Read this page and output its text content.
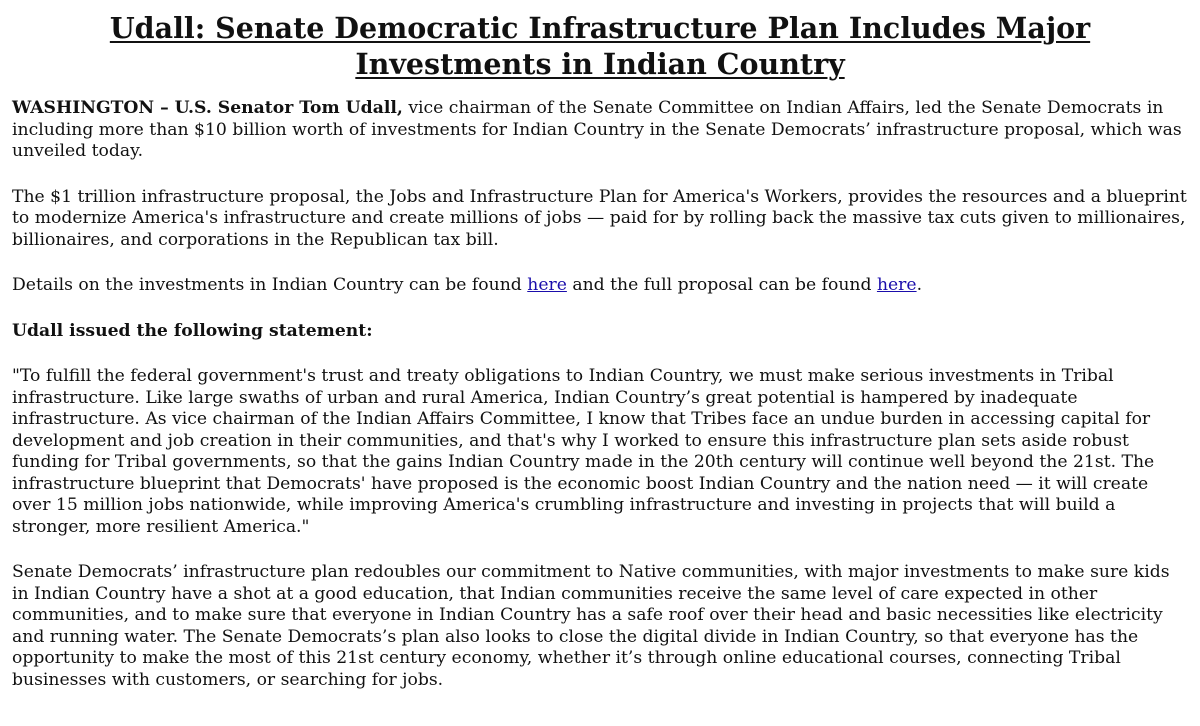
Udall: Senate Democratic Infrastructure Plan Includes Major
Investments in Indian Country

WASHINGTON – U.S. Senator Tom Udall, vice chairman of the Senate Committee on Indian Affairs, led the Senate Democrats in including more than $10 billion worth of investments for Indian Country in the Senate Democrats’ infrastructure proposal, which was unveiled today.

The $1 trillion infrastructure proposal, the Jobs and Infrastructure Plan for America's Workers, provides the resources and a blueprint to modernize America's infrastructure and create millions of jobs — paid for by rolling back the massive tax cuts given to millionaires, billionaires, and corporations in the Republican tax bill.

Details on the investments in Indian Country can be found here and the full proposal can be found here.

Udall issued the following statement:

"To fulfill the federal government's trust and treaty obligations to Indian Country, we must make serious investments in Tribal infrastructure. Like large swaths of urban and rural America, Indian Country’s great potential is hampered by inadequate infrastructure. As vice chairman of the Indian Affairs Committee, I know that Tribes face an undue burden in accessing capital for development and job creation in their communities, and that's why I worked to ensure this infrastructure plan sets aside robust funding for Tribal governments, so that the gains Indian Country made in the 20th century will continue well beyond the 21st. The infrastructure blueprint that Democrats' have proposed is the economic boost Indian Country and the nation need — it will create over 15 million jobs nationwide, while improving America's crumbling infrastructure and investing in projects that will build a stronger, more resilient America."

Senate Democrats’ infrastructure plan redoubles our commitment to Native communities, with major investments to make sure kids in Indian Country have a shot at a good education, that Indian communities receive the same level of care expected in other communities, and to make sure that everyone in Indian Country has a safe roof over their head and basic necessities like electricity and running water. The Senate Democrats’s plan also looks to close the digital divide in Indian Country, so that everyone has the opportunity to make the most of this 21st century economy, whether it’s through online educational courses, connecting Tribal businesses with customers, or searching for jobs.
